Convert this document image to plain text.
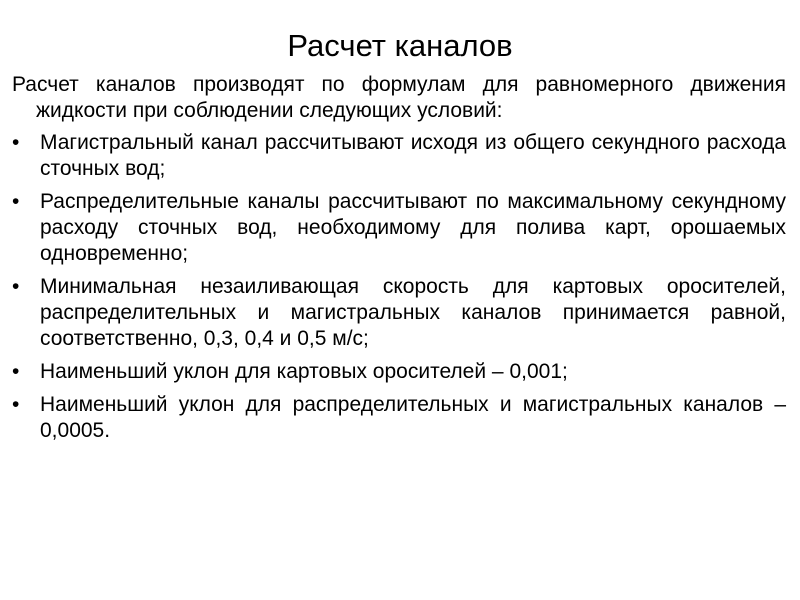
Расчет каналов

Расчет каналов производят по формулам для равномерного движения жидкости при соблюдении следующих условий:

• Магистральный канал рассчитывают исходя из общего секундного расхода сточных вод;
• Распределительные каналы рассчитывают по максимальному секундному расходу сточных вод, необходимому для полива карт, орошаемых одновременно;
• Минимальная незаиливающая скорость для картовых оросителей, распределительных и магистральных каналов принимается равной, соответственно, 0,3, 0,4 и 0,5 м/с;
• Наименьший уклон для картовых оросителей – 0,001;
• Наименьший уклон для распределительных и магистральных каналов – 0,0005.
